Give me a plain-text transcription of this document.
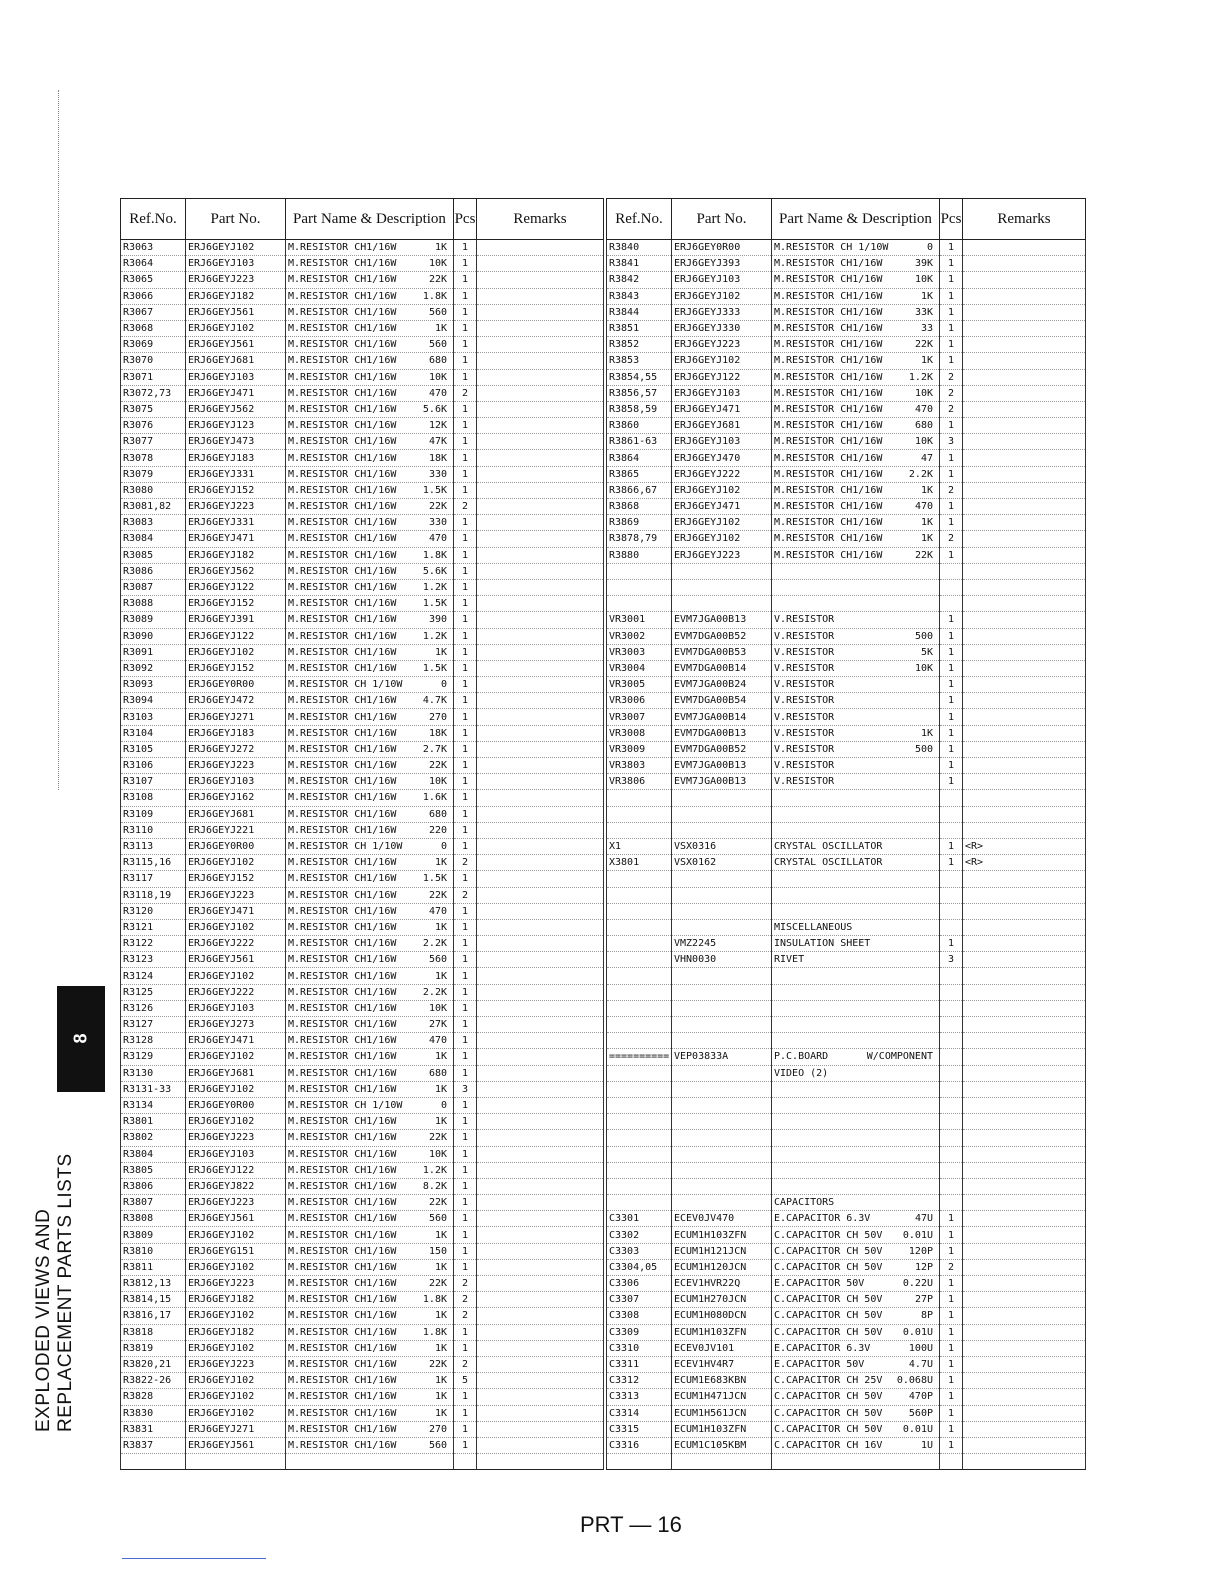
Ref.No.	Part No.	Part Name & Description	Pcs	Remarks
R3063	ERJ6GEYJ102	M.RESISTOR CH1/16W 1K	1	
R3064	ERJ6GEYJ103	M.RESISTOR CH1/16W 10K	1	
R3065	ERJ6GEYJ223	M.RESISTOR CH1/16W 22K	1	
R3066	ERJ6GEYJ182	M.RESISTOR CH1/16W 1.8K	1	
R3067	ERJ6GEYJ561	M.RESISTOR CH1/16W 560	1	
R3068	ERJ6GEYJ102	M.RESISTOR CH1/16W 1K	1	
R3069	ERJ6GEYJ561	M.RESISTOR CH1/16W 560	1	
R3070	ERJ6GEYJ681	M.RESISTOR CH1/16W 680	1	
R3071	ERJ6GEYJ103	M.RESISTOR CH1/16W 10K	1	
R3072,73	ERJ6GEYJ471	M.RESISTOR CH1/16W 470	2	
R3075	ERJ6GEYJ562	M.RESISTOR CH1/16W 5.6K	1	
R3076	ERJ6GEYJ123	M.RESISTOR CH1/16W 12K	1	
R3077	ERJ6GEYJ473	M.RESISTOR CH1/16W 47K	1	
R3078	ERJ6GEYJ183	M.RESISTOR CH1/16W 18K	1	
R3079	ERJ6GEYJ331	M.RESISTOR CH1/16W 330	1	
R3080	ERJ6GEYJ152	M.RESISTOR CH1/16W 1.5K	1	
R3081,82	ERJ6GEYJ223	M.RESISTOR CH1/16W 22K	2	
R3083	ERJ6GEYJ331	M.RESISTOR CH1/16W 330	1	
R3084	ERJ6GEYJ471	M.RESISTOR CH1/16W 470	1	
R3085	ERJ6GEYJ182	M.RESISTOR CH1/16W 1.8K	1	
R3086	ERJ6GEYJ562	M.RESISTOR CH1/16W 5.6K	1	
R3087	ERJ6GEYJ122	M.RESISTOR CH1/16W 1.2K	1	
R3088	ERJ6GEYJ152	M.RESISTOR CH1/16W 1.5K	1	
R3089	ERJ6GEYJ391	M.RESISTOR CH1/16W 390	1	
R3090	ERJ6GEYJ122	M.RESISTOR CH1/16W 1.2K	1	
R3091	ERJ6GEYJ102	M.RESISTOR CH1/16W 1K	1	
R3092	ERJ6GEYJ152	M.RESISTOR CH1/16W 1.5K	1	
R3093	ERJ6GEY0R00	M.RESISTOR CH 1/10W 0	1	
R3094	ERJ6GEYJ472	M.RESISTOR CH1/16W 4.7K	1	
R3103	ERJ6GEYJ271	M.RESISTOR CH1/16W 270	1	
R3104	ERJ6GEYJ183	M.RESISTOR CH1/16W 18K	1	
R3105	ERJ6GEYJ272	M.RESISTOR CH1/16W 2.7K	1	
R3106	ERJ6GEYJ223	M.RESISTOR CH1/16W 22K	1	
R3107	ERJ6GEYJ103	M.RESISTOR CH1/16W 10K	1	
R3108	ERJ6GEYJ162	M.RESISTOR CH1/16W 1.6K	1	
R3109	ERJ6GEYJ681	M.RESISTOR CH1/16W 680	1	
R3110	ERJ6GEYJ221	M.RESISTOR CH1/16W 220	1	
R3113	ERJ6GEY0R00	M.RESISTOR CH 1/10W 0	1	
R3115,16	ERJ6GEYJ102	M.RESISTOR CH1/16W 1K	2	
R3117	ERJ6GEYJ152	M.RESISTOR CH1/16W 1.5K	1	
R3118,19	ERJ6GEYJ223	M.RESISTOR CH1/16W 22K	2	
R3120	ERJ6GEYJ471	M.RESISTOR CH1/16W 470	1	
R3121	ERJ6GEYJ102	M.RESISTOR CH1/16W 1K	1	
R3122	ERJ6GEYJ222	M.RESISTOR CH1/16W 2.2K	1	
R3123	ERJ6GEYJ561	M.RESISTOR CH1/16W 560	1	
R3124	ERJ6GEYJ102	M.RESISTOR CH1/16W 1K	1	
R3125	ERJ6GEYJ222	M.RESISTOR CH1/16W 2.2K	1	
R3126	ERJ6GEYJ103	M.RESISTOR CH1/16W 10K	1	
R3127	ERJ6GEYJ273	M.RESISTOR CH1/16W 27K	1	
R3128	ERJ6GEYJ471	M.RESISTOR CH1/16W 470	1	
R3129	ERJ6GEYJ102	M.RESISTOR CH1/16W 1K	1	
R3130	ERJ6GEYJ681	M.RESISTOR CH1/16W 680	1	
R3131-33	ERJ6GEYJ102	M.RESISTOR CH1/16W 1K	3	
R3134	ERJ6GEY0R00	M.RESISTOR CH 1/10W 0	1	
R3801	ERJ6GEYJ102	M.RESISTOR CH1/16W 1K	1	
R3802	ERJ6GEYJ223	M.RESISTOR CH1/16W 22K	1	
R3804	ERJ6GEYJ103	M.RESISTOR CH1/16W 10K	1	
R3805	ERJ6GEYJ122	M.RESISTOR CH1/16W 1.2K	1	
R3806	ERJ6GEYJ822	M.RESISTOR CH1/16W 8.2K	1	
R3807	ERJ6GEYJ223	M.RESISTOR CH1/16W 22K	1	
R3808	ERJ6GEYJ561	M.RESISTOR CH1/16W 560	1	
R3809	ERJ6GEYJ102	M.RESISTOR CH1/16W 1K	1	
R3810	ERJ6GEYG151	M.RESISTOR CH1/16W 150	1	
R3811	ERJ6GEYJ102	M.RESISTOR CH1/16W 1K	1	
R3812,13	ERJ6GEYJ223	M.RESISTOR CH1/16W 22K	2	
R3814,15	ERJ6GEYJ182	M.RESISTOR CH1/16W 1.8K	2	
R3816,17	ERJ6GEYJ102	M.RESISTOR CH1/16W 1K	2	
R3818	ERJ6GEYJ182	M.RESISTOR CH1/16W 1.8K	1	
R3819	ERJ6GEYJ102	M.RESISTOR CH1/16W 1K	1	
R3820,21	ERJ6GEYJ223	M.RESISTOR CH1/16W 22K	2	
R3822-26	ERJ6GEYJ102	M.RESISTOR CH1/16W 1K	5	
R3828	ERJ6GEYJ102	M.RESISTOR CH1/16W 1K	1	
R3830	ERJ6GEYJ102	M.RESISTOR CH1/16W 1K	1	
R3831	ERJ6GEYJ271	M.RESISTOR CH1/16W 270	1	
R3837	ERJ6GEYJ561	M.RESISTOR CH1/16W 560	1	

Ref.No.	Part No.	Part Name & Description	Pcs	Remarks
R3840	ERJ6GEY0R00	M.RESISTOR CH 1/10W 0	1	
R3841	ERJ6GEYJ393	M.RESISTOR CH1/16W 39K	1	
R3842	ERJ6GEYJ103	M.RESISTOR CH1/16W 10K	1	
R3843	ERJ6GEYJ102	M.RESISTOR CH1/16W 1K	1	
R3844	ERJ6GEYJ333	M.RESISTOR CH1/16W 33K	1	
R3851	ERJ6GEYJ330	M.RESISTOR CH1/16W 33	1	
R3852	ERJ6GEYJ223	M.RESISTOR CH1/16W 22K	1	
R3853	ERJ6GEYJ102	M.RESISTOR CH1/16W 1K	1	
R3854,55	ERJ6GEYJ122	M.RESISTOR CH1/16W 1.2K	2	
R3856,57	ERJ6GEYJ103	M.RESISTOR CH1/16W 10K	2	
R3858,59	ERJ6GEYJ471	M.RESISTOR CH1/16W 470	2	
R3860	ERJ6GEYJ681	M.RESISTOR CH1/16W 680	1	
R3861-63	ERJ6GEYJ103	M.RESISTOR CH1/16W 10K	3	
R3864	ERJ6GEYJ470	M.RESISTOR CH1/16W 47	1	
R3865	ERJ6GEYJ222	M.RESISTOR CH1/16W 2.2K	1	
R3866,67	ERJ6GEYJ102	M.RESISTOR CH1/16W 1K	2	
R3868	ERJ6GEYJ471	M.RESISTOR CH1/16W 470	1	
R3869	ERJ6GEYJ102	M.RESISTOR CH1/16W 1K	1	
R3878,79	ERJ6GEYJ102	M.RESISTOR CH1/16W 1K	2	
R3880	ERJ6GEYJ223	M.RESISTOR CH1/16W 22K	1	

VR3001	EVM7JGA00B13	V.RESISTOR	1	
VR3002	EVM7DGA00B52	V.RESISTOR 500	1	
VR3003	EVM7DGA00B53	V.RESISTOR 5K	1	
VR3004	EVM7DGA00B14	V.RESISTOR 10K	1	
VR3005	EVM7JGA00B24	V.RESISTOR	1	
VR3006	EVM7DGA00B54	V.RESISTOR	1	
VR3007	EVM7JGA00B14	V.RESISTOR	1	
VR3008	EVM7DGA00B13	V.RESISTOR 1K	1	
VR3009	EVM7DGA00B52	V.RESISTOR 500	1	
VR3803	EVM7JGA00B13	V.RESISTOR	1	
VR3806	EVM7JGA00B13	V.RESISTOR	1	

X1	VSX0316	CRYSTAL OSCILLATOR	1	<R>
X3801	VSX0162	CRYSTAL OSCILLATOR	1	<R>

		MISCELLANEOUS		

	VMZ2245	INSULATION SHEET	1	
	VHN0030	RIVET	3	

==========	VEP03833A	P.C.BOARD W/COMPONENT		

		VIDEO (2)		

		CAPACITORS		

C3301	ECEV0JV470	E.CAPACITOR 6.3V 47U	1	
C3302	ECUM1H103ZFN	C.CAPACITOR CH 50V 0.01U	1	
C3303	ECUM1H121JCN	C.CAPACITOR CH 50V 120P	1	
C3304,05	ECUM1H120JCN	C.CAPACITOR CH 50V 12P	2	
C3306	ECEV1HVR22Q	E.CAPACITOR 50V 0.22U	1	
C3307	ECUM1H270JCN	C.CAPACITOR CH 50V 27P	1	
C3308	ECUM1H080DCN	C.CAPACITOR CH 50V 8P	1	
C3309	ECUM1H103ZFN	C.CAPACITOR CH 50V 0.01U	1	
C3310	ECEV0JV101	E.CAPACITOR 6.3V 100U	1	
C3311	ECEV1HV4R7	E.CAPACITOR 50V 4.7U	1	
C3312	ECUM1E683KBN	C.CAPACITOR CH 25V 0.068U	1	
C3313	ECUM1H471JCN	C.CAPACITOR CH 50V 470P	1	
C3314	ECUM1H561JCN	C.CAPACITOR CH 50V 560P	1	
C3315	ECUM1H103ZFN	C.CAPACITOR CH 50V 0.01U	1	
C3316	ECUM1C105KBM	C.CAPACITOR CH 16V 1U	1	

8
EXPLODED VIEWS AND REPLACEMENT PARTS LISTS
PRT — 16
